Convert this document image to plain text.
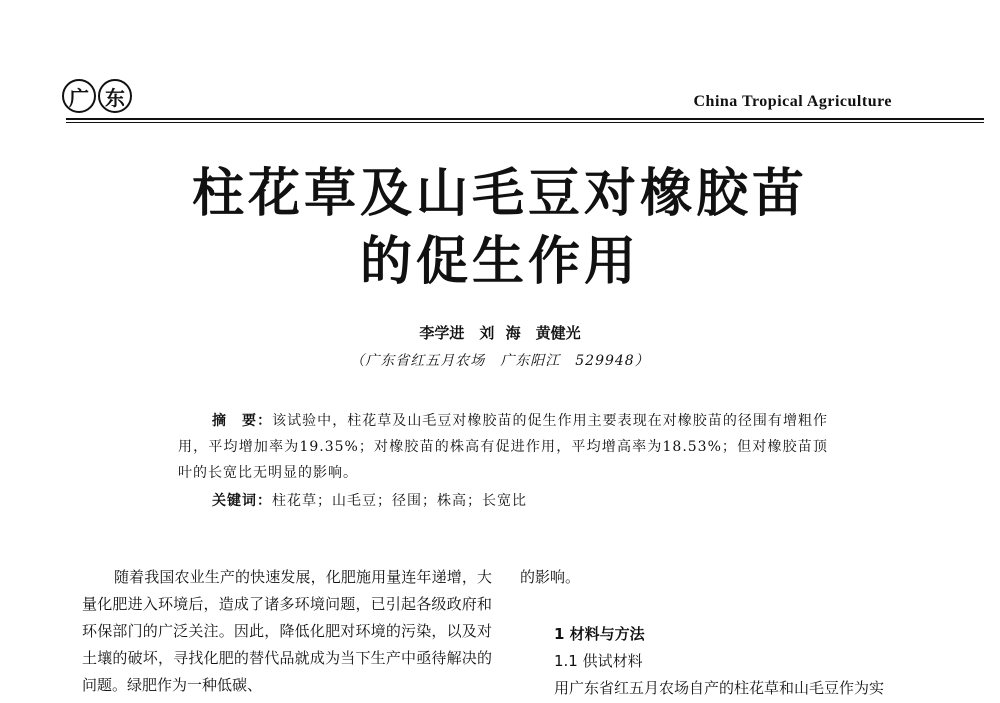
广 东	China Tropical Agriculture
柱花草及山毛豆对橡胶苗
的促生作用
李学进　刘 海　黄健光
（广东省红五月农场　广东阳江　529948）

摘　要：该试验中，柱花草及山毛豆对橡胶苗的促生作用主要表现在对橡胶苗的径围有增粗作用，平均增加率为19.35%；对橡胶苗的株高有促进作用，平均增高率为18.53%；但对橡胶苗顶叶的长宽比无明显的影响。

关键词：柱花草；山毛豆；径围；株高；长宽比

随着我国农业生产的快速发展，化肥施用量连年递增，大量化肥进入环境后，造成了诸多环境问题，已引起各级政府和环保部门的广泛关注。因此，降低化肥对环境的污染，以及对土壤的破坏，寻找化肥的替代品就成为当下生产中亟待解决的问题。绿肥作为一种低碳、

的影响。

1 材料与方法

1.1 供试材料

用广东省红五月农场自产的柱花草和山毛豆作为实
